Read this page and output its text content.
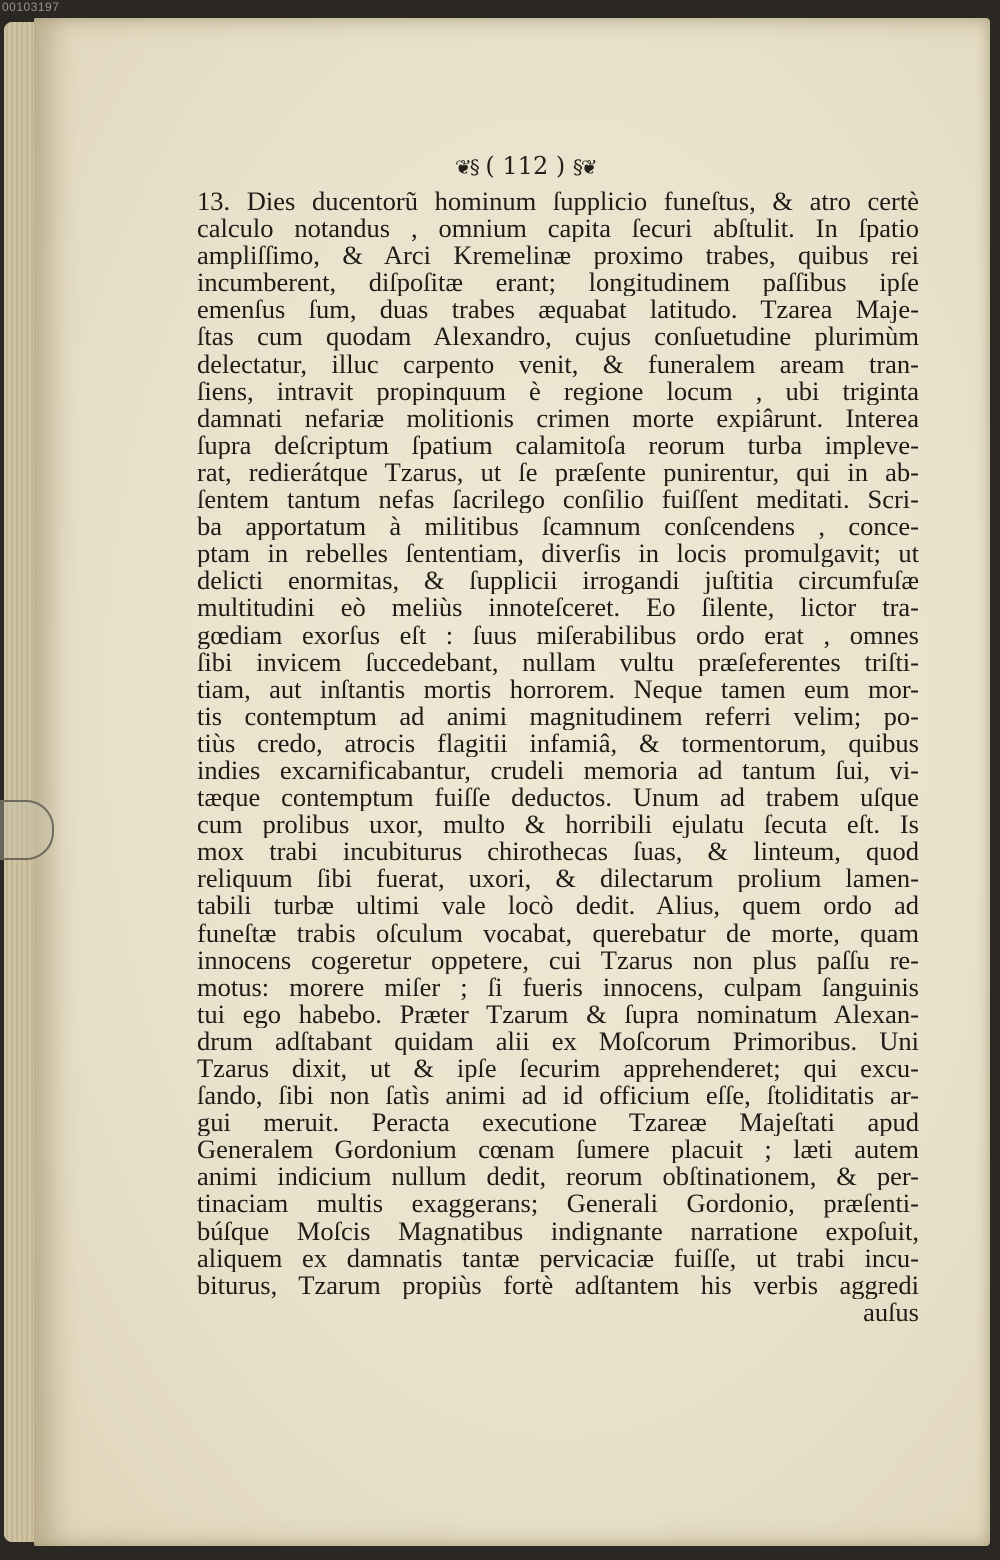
00103197
❦§ ( 112 ) §❦
13. Dies ducentorũ hominum ſupplicio funeſtus, & atro certè
calculo notandus , omnium capita ſecuri abſtulit. In ſpatio
ampliſſimo, & Arci Kremelinæ proximo trabes, quibus rei
incumberent, diſpoſitæ erant; longitudinem paſſibus ipſe
emenſus ſum, duas trabes æquabat latitudo. Tzarea Maje-
ſtas cum quodam Alexandro, cujus conſuetudine plurimùm
delectatur, illuc carpento venit, & funeralem aream tran-
ſiens, intravit propinquum è regione locum , ubi triginta
damnati nefariæ molitionis crimen morte expiârunt. Interea
ſupra deſcriptum ſpatium calamitoſa reorum turba impleve-
rat, redierátque Tzarus, ut ſe præſente punirentur, qui in ab-
ſentem tantum nefas ſacrilego conſilio fuiſſent meditati. Scri-
ba apportatum à militibus ſcamnum conſcendens , conce-
ptam in rebelles ſententiam, diverſis in locis promulgavit; ut
delicti enormitas, & ſupplicii irrogandi juſtitia circumfuſæ
multitudini eò meliùs innoteſceret. Eo ſilente, lictor tra-
gœdiam exorſus eſt : ſuus miſerabilibus ordo erat , omnes
ſibi invicem ſuccedebant, nullam vultu præſeferentes triſti-
tiam, aut inſtantis mortis horrorem. Neque tamen eum mor-
tis contemptum ad animi magnitudinem referri velim; po-
tiùs credo, atrocis flagitii infamiâ, & tormentorum, quibus
indies excarnificabantur, crudeli memoria ad tantum ſui, vi-
tæque contemptum fuiſſe deductos. Unum ad trabem uſque
cum prolibus uxor, multo & horribili ejulatu ſecuta eſt. Is
mox trabi incubiturus chirothecas ſuas, & linteum, quod
reliquum ſibi fuerat, uxori, & dilectarum prolium lamen-
tabili turbæ ultimi vale locò dedit. Alius, quem ordo ad
funeſtæ trabis oſculum vocabat, querebatur de morte, quam
innocens cogeretur oppetere, cui Tzarus non plus paſſu re-
motus: morere miſer ; ſi fueris innocens, culpam ſanguinis
tui ego habebo. Præter Tzarum & ſupra nominatum Alexan-
drum adſtabant quidam alii ex Moſcorum Primoribus. Uni
Tzarus dixit, ut & ipſe ſecurim apprehenderet; qui excu-
ſando, ſibi non ſatìs animi ad id officium eſſe, ſtoliditatis ar-
gui meruit. Peracta executione Tzareæ Majeſtati apud
Generalem Gordonium cœnam ſumere placuit ; læti autem
animi indicium nullum dedit, reorum obſtinationem, & per-
tinaciam multis exaggerans; Generali Gordonio, præſenti-
búſque Moſcis Magnatibus indignante narratione expoſuit,
aliquem ex damnatis tantæ pervicaciæ fuiſſe, ut trabi incu-
biturus, Tzarum propiùs fortè adſtantem his verbis aggredi
auſus
